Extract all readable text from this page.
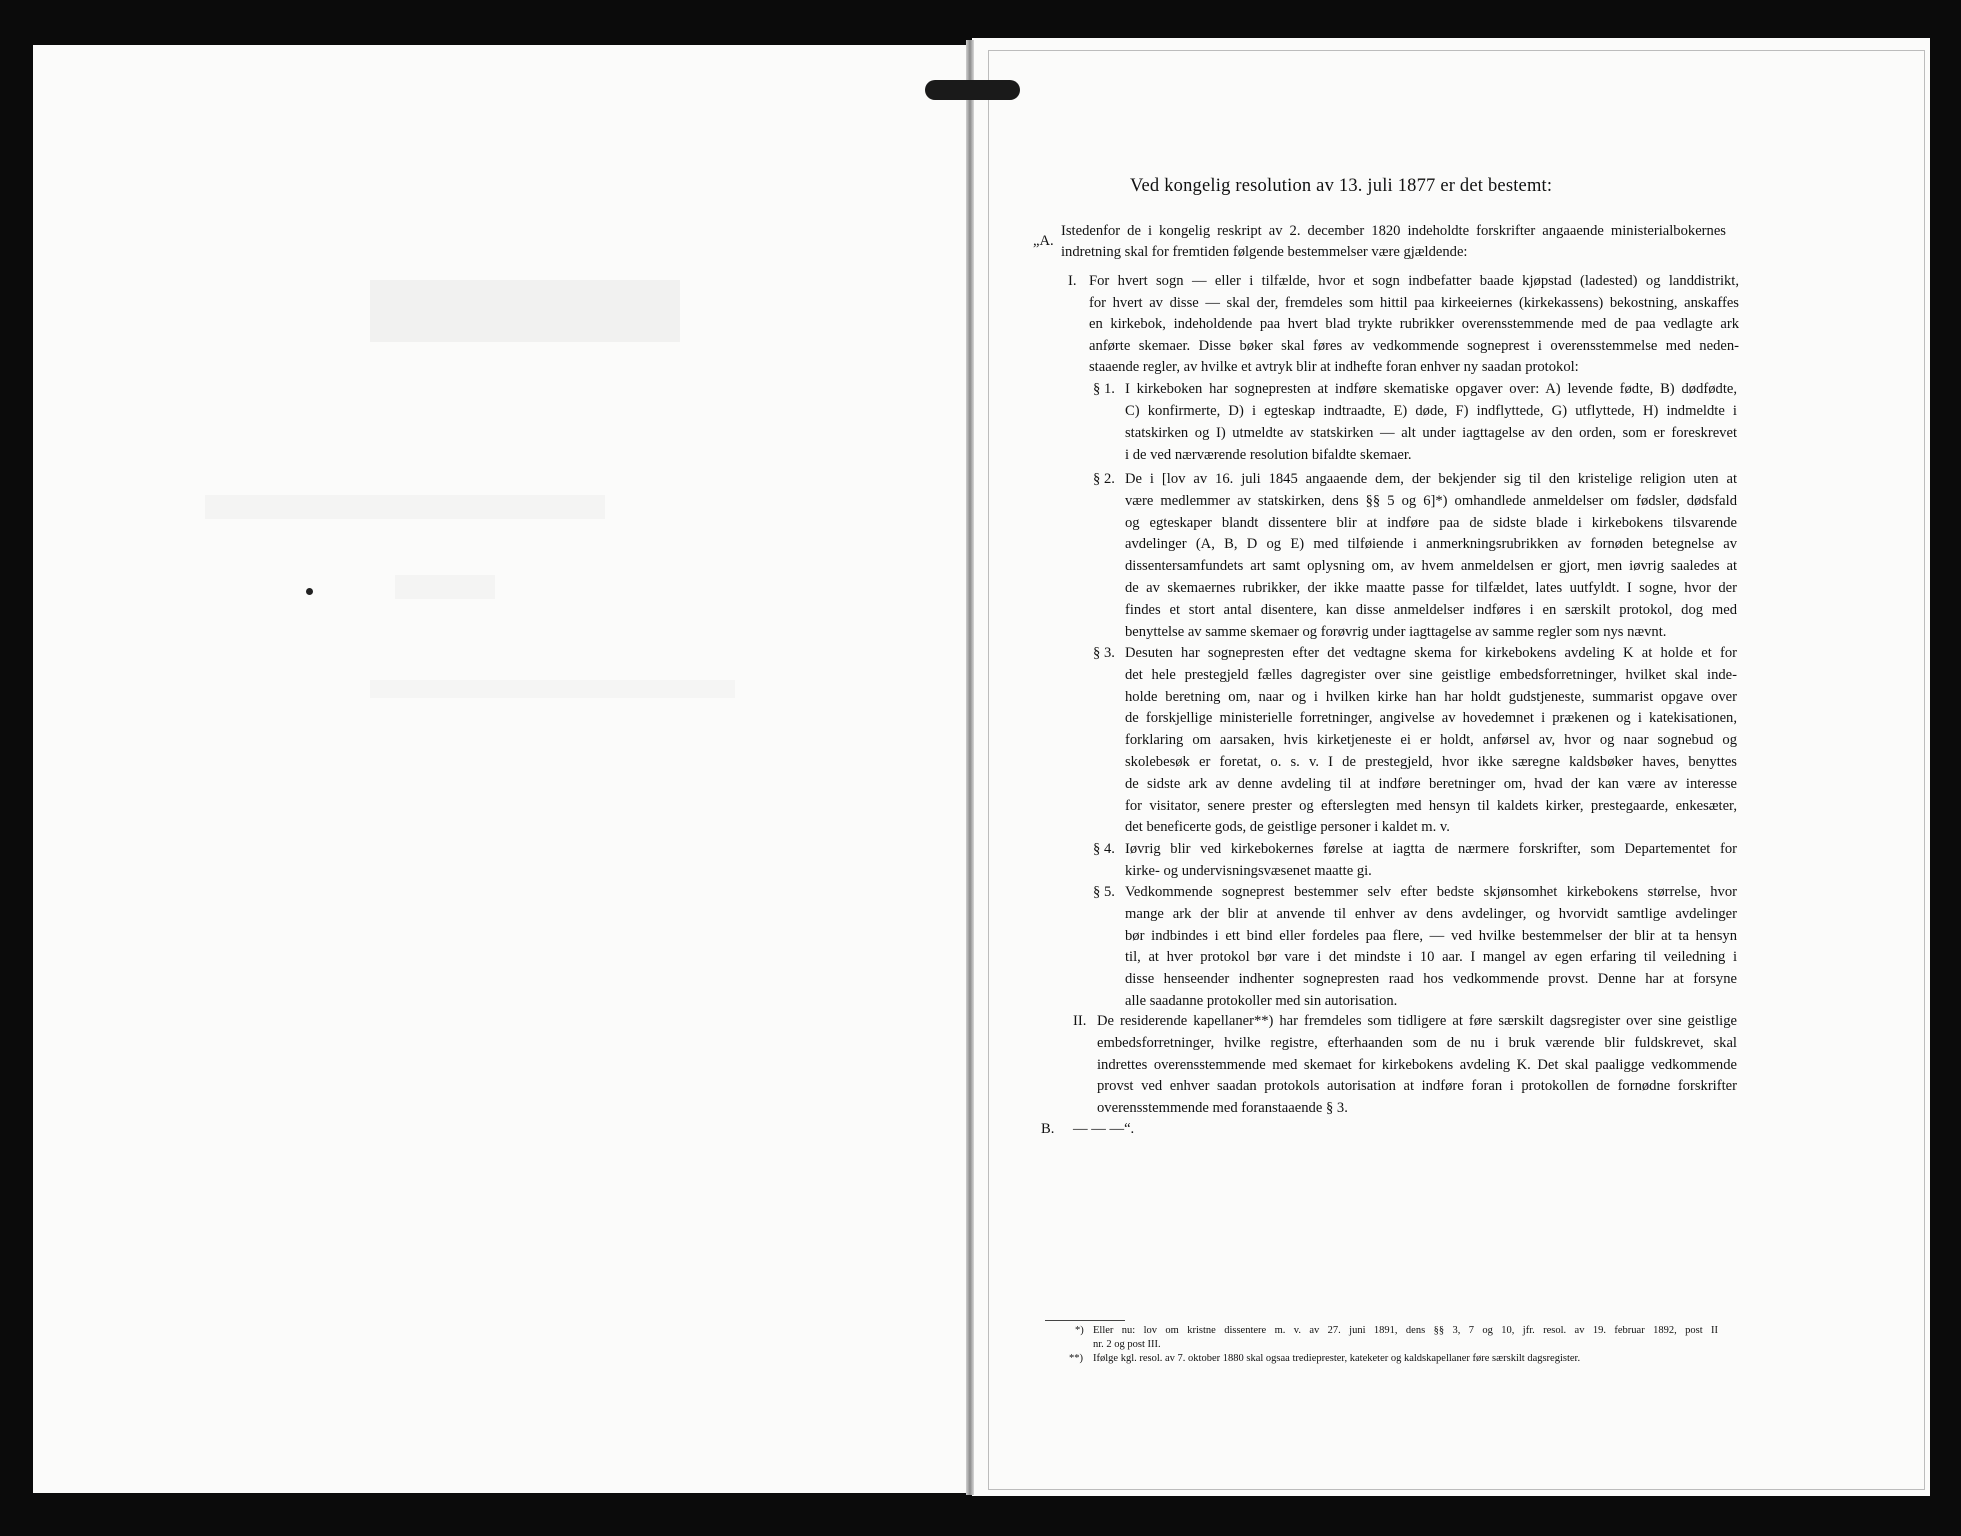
Ved kongelig resolution av 13. juli 1877 er det bestemt:
„A.
Istedenfor de i kongelig reskript av 2. december 1820 indeholdte forskrifter angaaende ministerialbokernes
indretning skal for fremtiden følgende bestemmelser være gjældende:
I. For hvert sogn — eller i tilfælde, hvor et sogn indbefatter baade kjøpstad (ladested) og landdistrikt,
for hvert av disse — skal der, fremdeles som hittil paa kirkeeiernes (kirkekassens) bekostning, anskaffes
en kirkebok, indeholdende paa hvert blad trykte rubrikker overensstemmende med de paa vedlagte ark
anførte skemaer. Disse bøker skal føres av vedkommende sogneprest i overensstemmelse med neden-
staaende regler, av hvilke et avtryk blir at indhefte foran enhver ny saadan protokol:
§ 1. I kirkeboken har sognepresten at indføre skematiske opgaver over: A) levende fødte, B) dødfødte,
C) konfirmerte, D) i egteskap indtraadte, E) døde, F) indflyttede, G) utflyttede, H) indmeldte i
statskirken og I) utmeldte av statskirken — alt under iagttagelse av den orden, som er foreskrevet
i de ved nærværende resolution bifaldte skemaer.
§ 2. De i [lov av 16. juli 1845 angaaende dem, der bekjender sig til den kristelige religion uten at
være medlemmer av statskirken, dens §§ 5 og 6]*) omhandlede anmeldelser om fødsler, dødsfald
og egteskaper blandt dissentere blir at indføre paa de sidste blade i kirkebokens tilsvarende
avdelinger (A, B, D og E) med tilføiende i anmerkningsrubrikken av fornøden betegnelse av
dissentersamfundets art samt oplysning om, av hvem anmeldelsen er gjort, men iøvrig saaledes at
de av skemaernes rubrikker, der ikke maatte passe for tilfældet, lates uutfyldt. I sogne, hvor der
findes et stort antal disentere, kan disse anmeldelser indføres i en særskilt protokol, dog med
benyttelse av samme skemaer og forøvrig under iagttagelse av samme regler som nys nævnt.
§ 3. Desuten har sognepresten efter det vedtagne skema for kirkebokens avdeling K at holde et for
det hele prestegjeld fælles dagregister over sine geistlige embedsforretninger, hvilket skal inde-
holde beretning om, naar og i hvilken kirke han har holdt gudstjeneste, summarist opgave over
de forskjellige ministerielle forretninger, angivelse av hovedemnet i prækenen og i katekisationen,
forklaring om aarsaken, hvis kirketjeneste ei er holdt, anførsel av, hvor og naar sognebud og
skolebesøk er foretat, o. s. v. I de prestegjeld, hvor ikke særegne kaldsbøker haves, benyttes
de sidste ark av denne avdeling til at indføre beretninger om, hvad der kan være av interesse
for visitator, senere prester og efterslegten med hensyn til kaldets kirker, prestegaarde, enkesæter,
det beneficerte gods, de geistlige personer i kaldet m. v.
§ 4. Iøvrig blir ved kirkebokernes førelse at iagtta de nærmere forskrifter, som Departementet for
kirke- og undervisningsvæsenet maatte gi.
§ 5. Vedkommende sogneprest bestemmer selv efter bedste skjønsomhet kirkebokens størrelse, hvor
mange ark der blir at anvende til enhver av dens avdelinger, og hvorvidt samtlige avdelinger
bør indbindes i ett bind eller fordeles paa flere, — ved hvilke bestemmelser der blir at ta hensyn
til, at hver protokol bør vare i det mindste i 10 aar. I mangel av egen erfaring til veiledning i
disse henseender indhenter sognepresten raad hos vedkommende provst. Denne har at forsyne
alle saadanne protokoller med sin autorisation.
II. De residerende kapellaner**) har fremdeles som tidligere at føre særskilt dagsregister over sine geistlige
embedsforretninger, hvilke registre, efterhaanden som de nu i bruk værende blir fuldskrevet, skal
indrettes overensstemmende med skemaet for kirkebokens avdeling K. Det skal paaligge vedkommende
provst ved enhver saadan protokols autorisation at indføre foran i protokollen de fornødne forskrifter
overensstemmende med foranstaaende § 3.
B. — — —“.
*) Eller nu: lov om kristne dissentere m. v. av 27. juni 1891, dens §§ 3, 7 og 10, jfr. resol. av 19. februar 1892, post II
nr. 2 og post III.
**) Ifølge kgl. resol. av 7. oktober 1880 skal ogsaa tredieprester, kateketer og kaldskapellaner føre særskilt dagsregister.
